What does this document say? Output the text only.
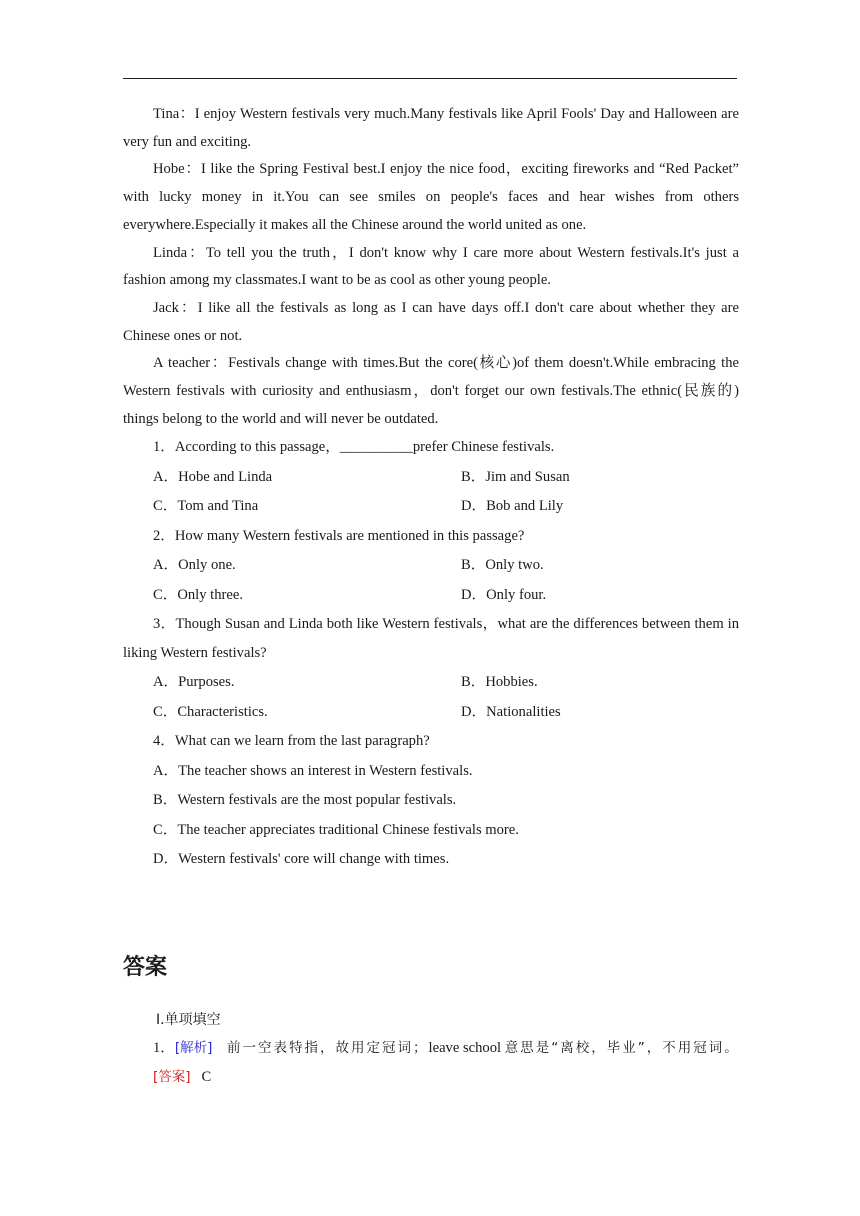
Tina：I enjoy Western festivals very much.Many festivals like April Fools' Day and Halloween are very fun and exciting.

Hobe：I like the Spring Festival best.I enjoy the nice food，exciting fireworks and “Red Packet” with lucky money in it.You can see smiles on people's faces and hear wishes from others everywhere.Especially it makes all the Chinese around the world united as one.

Linda：To tell you the truth，I don't know why I care more about Western festivals.It's just a fashion among my classmates.I want to be as cool as other young people.

Jack：I like all the festivals as long as I can have days off.I don't care about whether they are Chinese ones or not.

A teacher：Festivals change with times.But the core(核心)of them doesn't.While embracing the Western festivals with curiosity and enthusiasm，don't forget our own festivals.The ethnic(民族的) things belong to the world and will never be outdated.

1．According to this passage，__________prefer Chinese festivals.
A．Hobe and Linda	B．Jim and Susan
C．Tom and Tina	D．Bob and Lily
2．How many Western festivals are mentioned in this passage?
A．Only one.	B．Only two.
C．Only three.	D．Only four.

3．Though Susan and Linda both like Western festivals，what are the differences between them in liking Western festivals?

A．Purposes.	B．Hobbies.
C．Characteristics.	D．Nationalities
4．What can we learn from the last paragraph?
A．The teacher shows an interest in Western festivals.
B．Western festivals are the most popular festivals.
C．The teacher appreciates traditional Chinese festivals more.
D．Western festivals' core will change with times.
答案
Ⅰ.单项填空
1．[解析] 前一空表特指，故用定冠词；leave school 意思是“离校，毕业”，不用冠词。
[答案] C
